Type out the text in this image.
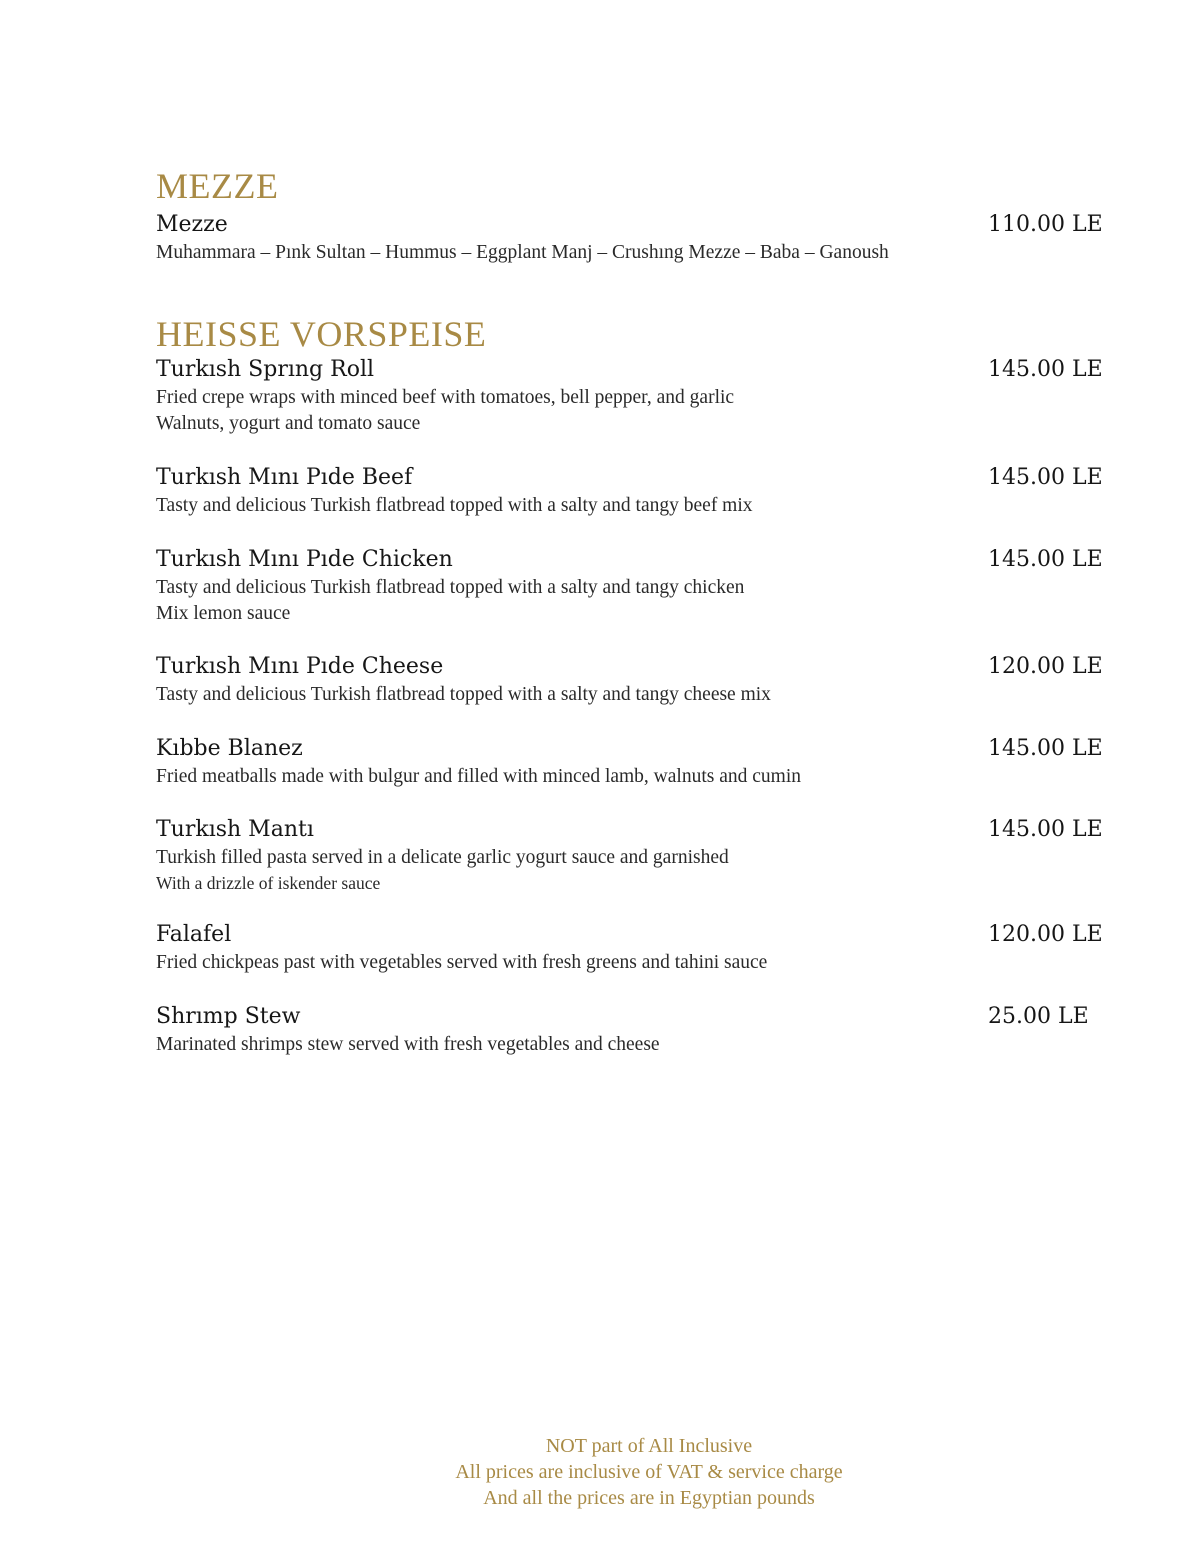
MEZZE
Mezze	110.00 LE
Muhammara – Pınk Sultan – Hummus – Eggplant Manj – Crushıng Mezze – Baba – Ganoush
HEISSE VORSPEISE
Turkısh Sprıng Roll	145.00 LE
Fried crepe wraps with minced beef with tomatoes, bell pepper, and garlic
Walnuts, yogurt and tomato sauce
Turkısh Mını Pıde Beef	145.00 LE
Tasty and delicious Turkish flatbread topped with a salty and tangy beef mix
Turkısh Mını Pıde Chicken	145.00 LE
Tasty and delicious Turkish flatbread topped with a salty and tangy chicken
Mix lemon sauce
Turkısh Mını Pıde Cheese	120.00 LE
Tasty and delicious Turkish flatbread topped with a salty and tangy cheese mix
Kıbbe Blanez	145.00 LE
Fried meatballs made with bulgur and filled with minced lamb, walnuts and cumin
Turkısh Mantı	145.00 LE
Turkish filled pasta served in a delicate garlic yogurt sauce and garnished
With a drizzle of iskender sauce
Falafel	120.00 LE
Fried chickpeas past with vegetables served with fresh greens and tahini sauce
Shrımp Stew	25.00 LE
Marinated shrimps stew served with fresh vegetables and cheese
NOT part of All Inclusive
All prices are inclusive of VAT & service charge
And all the prices are in Egyptian pounds
